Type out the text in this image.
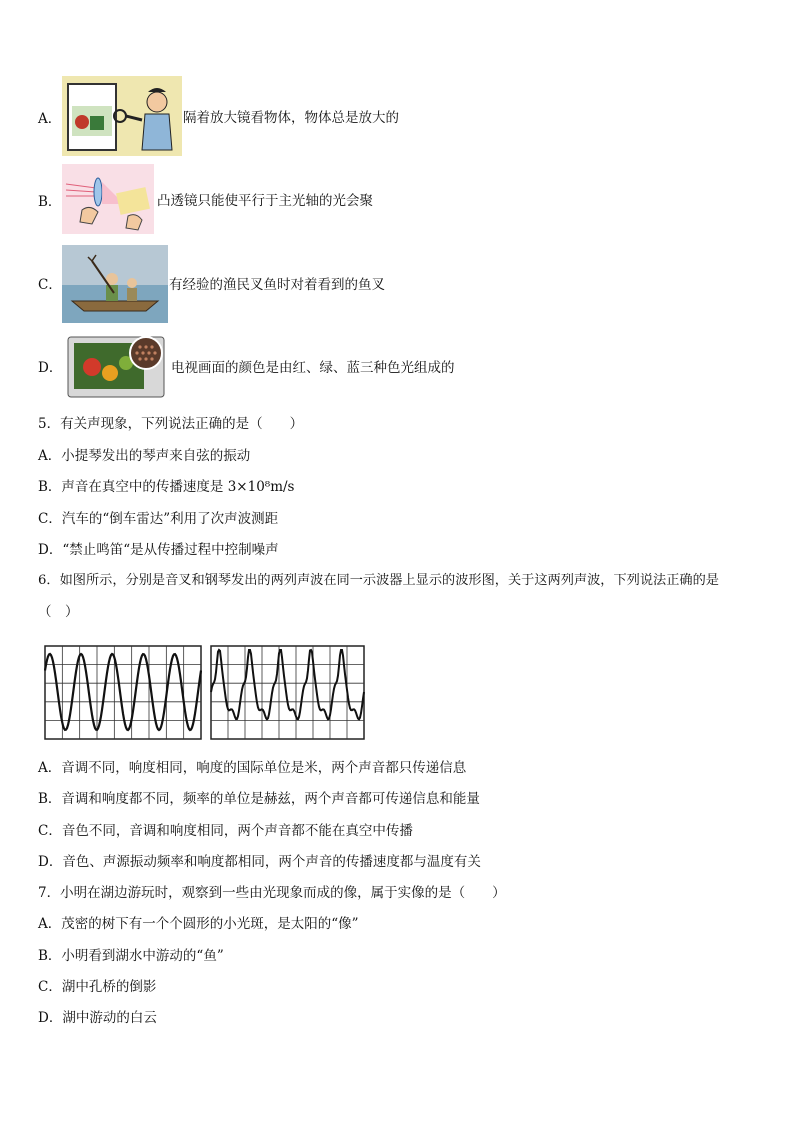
A．	隔着放大镜看物体，物体总是放大的
B．	凸透镜只能使平行于主光轴的光会聚
C．	有经验的渔民叉鱼时对着看到的鱼叉
D．	电视画面的颜色是由红、绿、蓝三种色光组成的
5．有关声现象，下列说法正确的是（　　）
A．小提琴发出的琴声来自弦的振动
B．声音在真空中的传播速度是 3×10⁸m/s
C．汽车的“倒车雷达”利用了次声波测距
D．“禁止鸣笛“是从传播过程中控制噪声
6．如图所示，分别是音叉和钢琴发出的两列声波在同一示波器上显示的波形图，关于这两列声波，下列说法正确的是
（　）
A．音调不同，响度相同，响度的国际单位是米，两个声音都只传递信息
B．音调和响度都不同，频率的单位是赫兹，两个声音都可传递信息和能量
C．音色不同，音调和响度相同，两个声音都不能在真空中传播
D．音色、声源振动频率和响度都相同，两个声音的传播速度都与温度有关
7．小明在湖边游玩时，观察到一些由光现象而成的像，属于实像的是（　　）
A．茂密的树下有一个个圆形的小光斑，是太阳的“像”
B．小明看到湖水中游动的“鱼”
C．湖中孔桥的倒影
D．湖中游动的白云
